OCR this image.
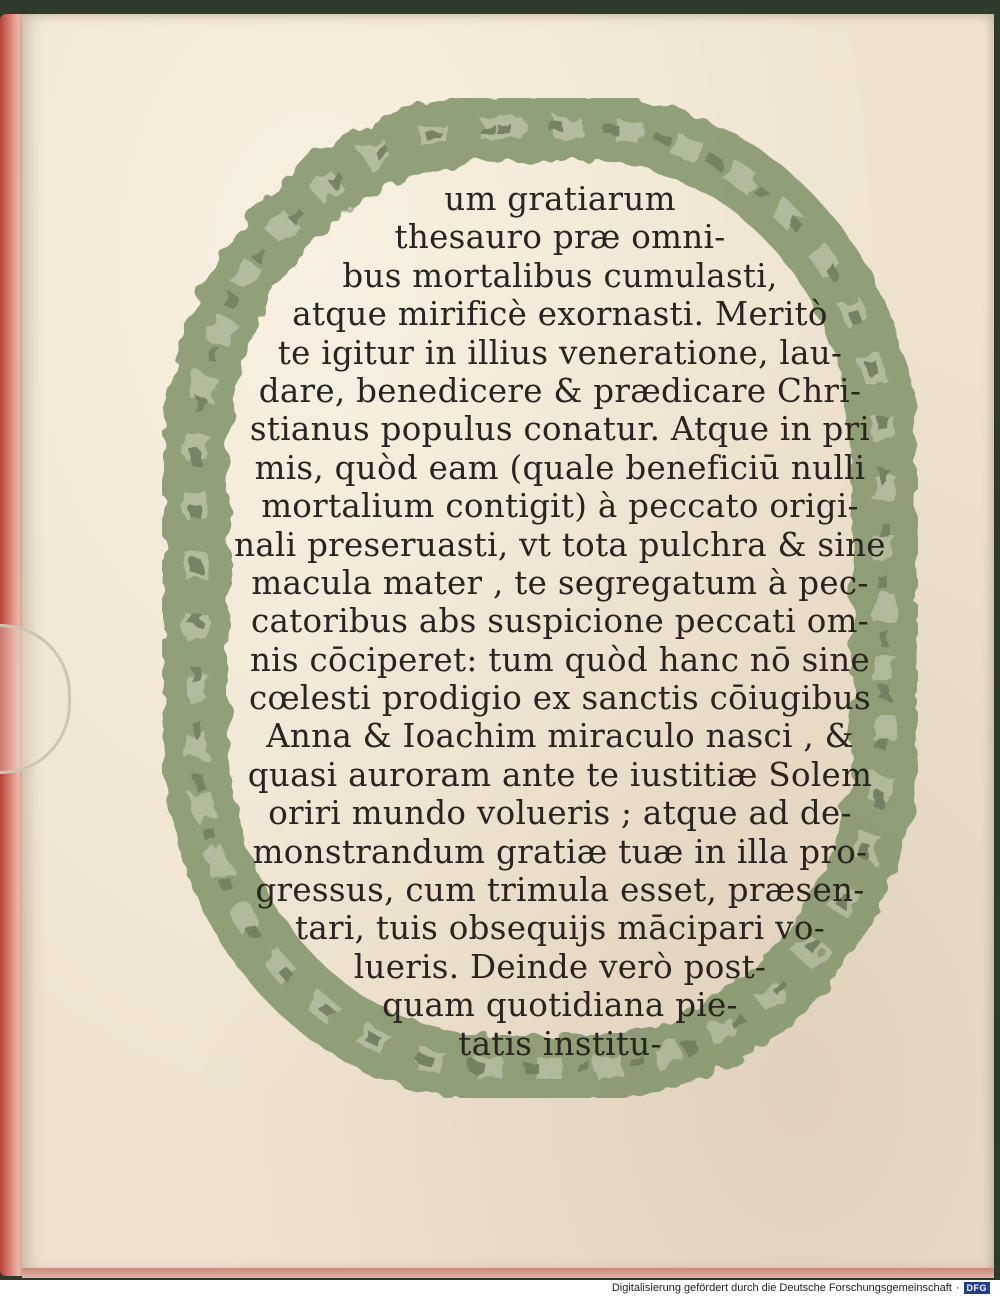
um gratiarum
thesauro præ omni-
bus mortalibus cumulasti,
atque mirificè exornasti. Meritò
te igitur in illius veneratione, lau-
dare, benedicere & prædicare Chri-
stianus populus conatur. Atque in pri
mis, quòd eam (quale beneficiū nulli
mortalium contigit) à peccato origi-
nali preseruasti, vt tota pulchra & sine
macula mater , te segregatum à pec-
catoribus abs suspicione peccati om-
nis cōciperet: tum quòd hanc nō sine
cœlesti prodigio ex sanctis cōiugibus
Anna & Ioachim miraculo nasci , &
quasi auroram ante te iustitiæ Solem
oriri mundo volueris ; atque ad de-
monstrandum gratiæ tuæ in illa pro-
gressus, cum trimula esset, præsen-
tari, tuis obsequijs mācipari vo-
lueris. Deinde verò post-
quam quotidiana pie-
tatis institu-
Digitalisierung gefördert durch die Deutsche Forschungsgemeinschaft · DFG
